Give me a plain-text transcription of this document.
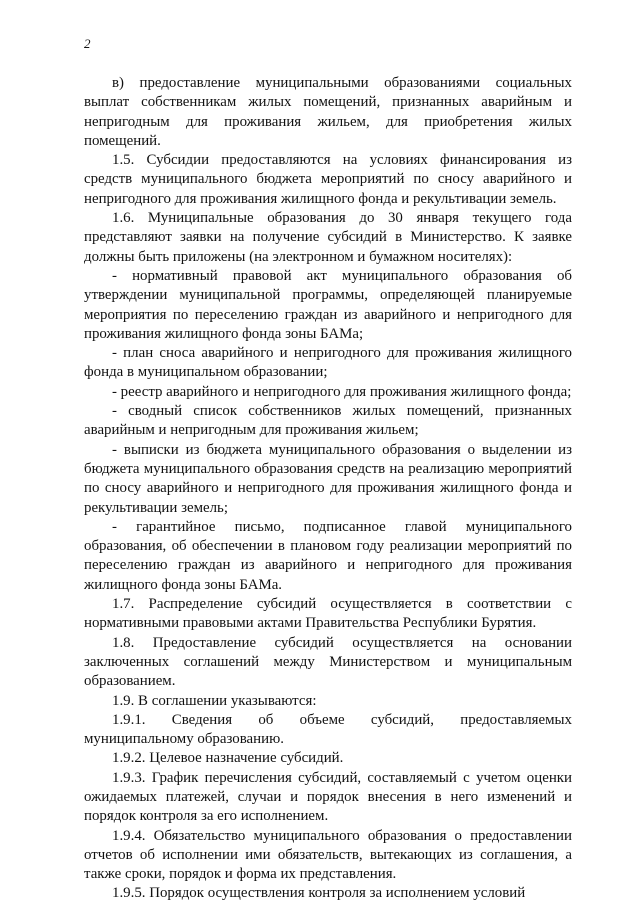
2

в) предоставление муниципальными образованиями социальных выплат собственникам жилых помещений, признанных аварийным и непригодным для проживания жильем, для приобретения жилых помещений.

1.5. Субсидии предоставляются на условиях финансирования из средств муниципального бюджета мероприятий по сносу аварийного и непригодного для проживания жилищного фонда и рекультивации земель.

1.6. Муниципальные образования до 30 января текущего года представляют заявки на получение субсидий в Министерство. К заявке должны быть приложены (на электронном и бумажном носителях):

- нормативный правовой акт муниципального образования об утверждении муниципальной программы, определяющей планируемые мероприятия по переселению граждан из аварийного и непригодного для проживания жилищного фонда зоны БАМа;

- план сноса аварийного и непригодного для проживания жилищного фонда в муниципальном образовании;

- реестр аварийного и непригодного для проживания жилищного фонда;

- сводный список собственников жилых помещений, признанных аварийным и непригодным для проживания жильем;

- выписки из бюджета муниципального образования о выделении из бюджета муниципального образования средств на реализацию мероприятий по сносу аварийного и непригодного для проживания жилищного фонда и рекультивации земель;

- гарантийное письмо, подписанное главой муниципального образования, об обеспечении в плановом году реализации мероприятий по переселению граждан из аварийного и непригодного для проживания жилищного фонда зоны БАМа.

1.7. Распределение субсидий осуществляется в соответствии с нормативными правовыми актами Правительства Республики Бурятия.

1.8. Предоставление субсидий осуществляется на основании заключенных соглашений между Министерством и муниципальным образованием.

1.9. В соглашении указываются:

1.9.1. Сведения об объеме субсидий, предоставляемых муниципальному образованию.

1.9.2. Целевое назначение субсидий.

1.9.3. График перечисления субсидий, составляемый с учетом оценки ожидаемых платежей, случаи и порядок внесения в него изменений и порядок контроля за его исполнением.

1.9.4. Обязательство муниципального образования о предоставлении отчетов об исполнении ими обязательств, вытекающих из соглашения, а также сроки, порядок и форма их представления.

1.9.5. Порядок осуществления контроля за исполнением условий
